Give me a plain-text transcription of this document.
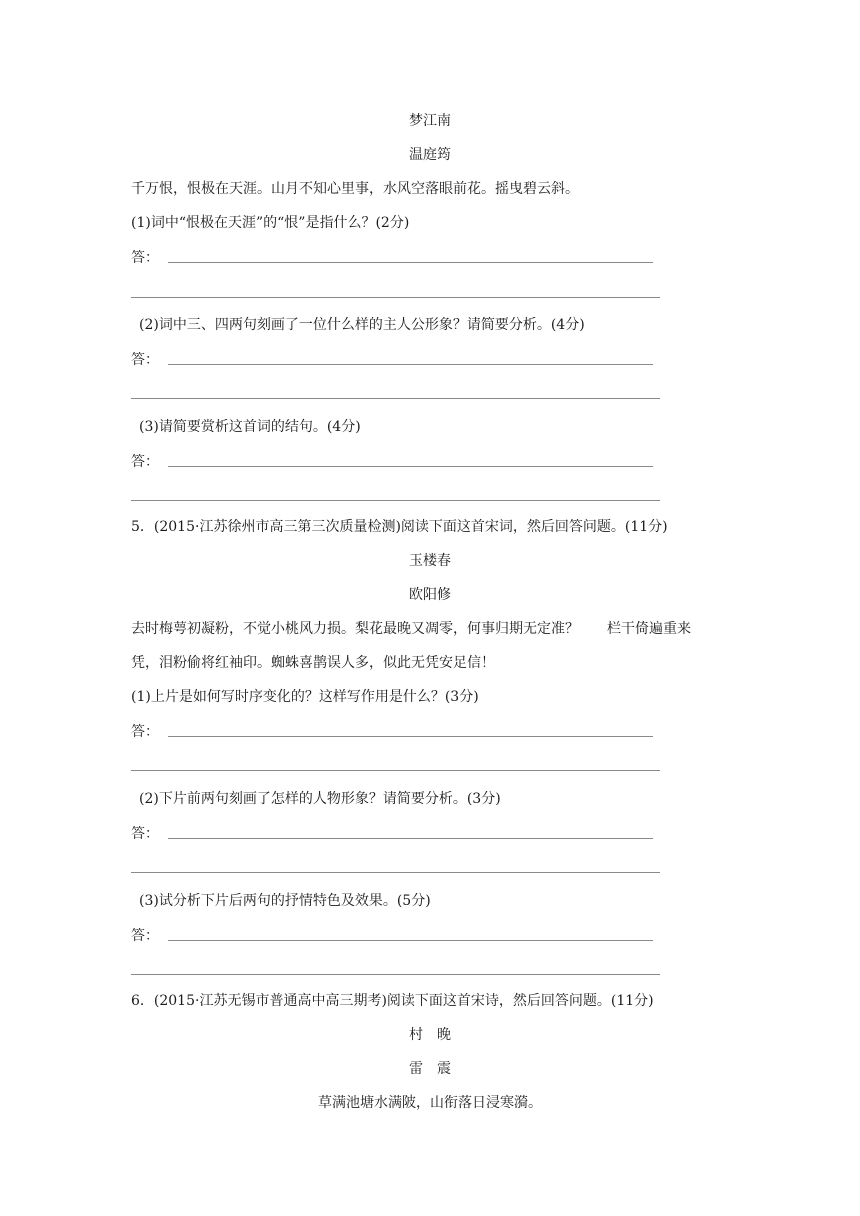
梦江南
温庭筠
千万恨，恨极在天涯。山月不知心里事，水风空落眼前花。摇曳碧云斜。
(1)词中“恨极在天涯”的“恨”是指什么？(2分)
答：
(2)词中三、四两句刻画了一位什么样的主人公形象？请简要分析。(4分)
答：
(3)请简要赏析这首词的结句。(4分)
答：
5．(2015·江苏徐州市高三第三次质量检测)阅读下面这首宋词，然后回答问题。(11分)
玉楼春
欧阳修
去时梅萼初凝粉，不觉小桃风力损。梨花最晚又凋零，何事归期无定准？ 栏干倚遍重来
凭，泪粉偷将红袖印。蜘蛛喜鹊误人多，似此无凭安足信！
(1)上片是如何写时序变化的？这样写作用是什么？(3分)
答：
(2)下片前两句刻画了怎样的人物形象？请简要分析。(3分)
答：
(3)试分析下片后两句的抒情特色及效果。(5分)
答：
6．(2015·江苏无锡市普通高中高三期考)阅读下面这首宋诗，然后回答问题。(11分)
村　晚
雷　震
草满池塘水满陂，山衔落日浸寒漪。
